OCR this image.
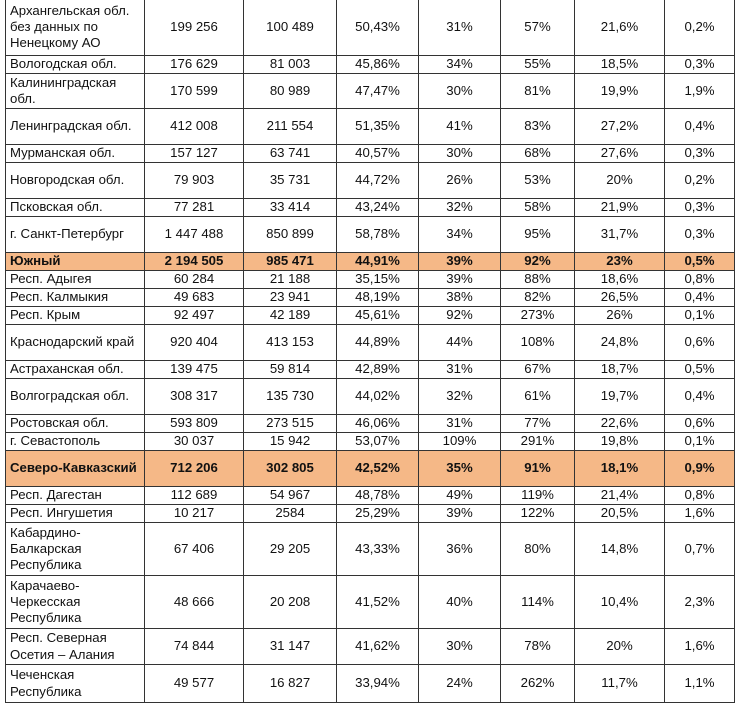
Архангельская обл. без данных по Ненецкому АО	199 256	100 489	50,43%	31%	57%	21,6%	0,2%
Вологодская обл.	176 629	81 003	45,86%	34%	55%	18,5%	0,3%
Калининградская обл.	170 599	80 989	47,47%	30%	81%	19,9%	1,9%
Ленинградская обл.	412 008	211 554	51,35%	41%	83%	27,2%	0,4%
Мурманская обл.	157 127	63 741	40,57%	30%	68%	27,6%	0,3%
Новгородская обл.	79 903	35 731	44,72%	26%	53%	20%	0,2%
Псковская обл.	77 281	33 414	43,24%	32%	58%	21,9%	0,3%
г. Санкт-Петербург	1 447 488	850 899	58,78%	34%	95%	31,7%	0,3%
Южный	2 194 505	985 471	44,91%	39%	92%	23%	0,5%
Респ. Адыгея	60 284	21 188	35,15%	39%	88%	18,6%	0,8%
Респ. Калмыкия	49 683	23 941	48,19%	38%	82%	26,5%	0,4%
Респ. Крым	92 497	42 189	45,61%	92%	273%	26%	0,1%
Краснодарский край	920 404	413 153	44,89%	44%	108%	24,8%	0,6%
Астраханская обл.	139 475	59 814	42,89%	31%	67%	18,7%	0,5%
Волгоградская обл.	308 317	135 730	44,02%	32%	61%	19,7%	0,4%
Ростовская обл.	593 809	273 515	46,06%	31%	77%	22,6%	0,6%
г. Севастополь	30 037	15 942	53,07%	109%	291%	19,8%	0,1%
Северо-Кавказский	712 206	302 805	42,52%	35%	91%	18,1%	0,9%
Респ. Дагестан	112 689	54 967	48,78%	49%	119%	21,4%	0,8%
Респ. Ингушетия	10 217	2584	25,29%	39%	122%	20,5%	1,6%
Кабардино-Балкарская Республика	67 406	29 205	43,33%	36%	80%	14,8%	0,7%
Карачаево-Черкесская Республика	48 666	20 208	41,52%	40%	114%	10,4%	2,3%
Респ. Северная Осетия – Алания	74 844	31 147	41,62%	30%	78%	20%	1,6%
Чеченская Республика	49 577	16 827	33,94%	24%	262%	11,7%	1,1%
